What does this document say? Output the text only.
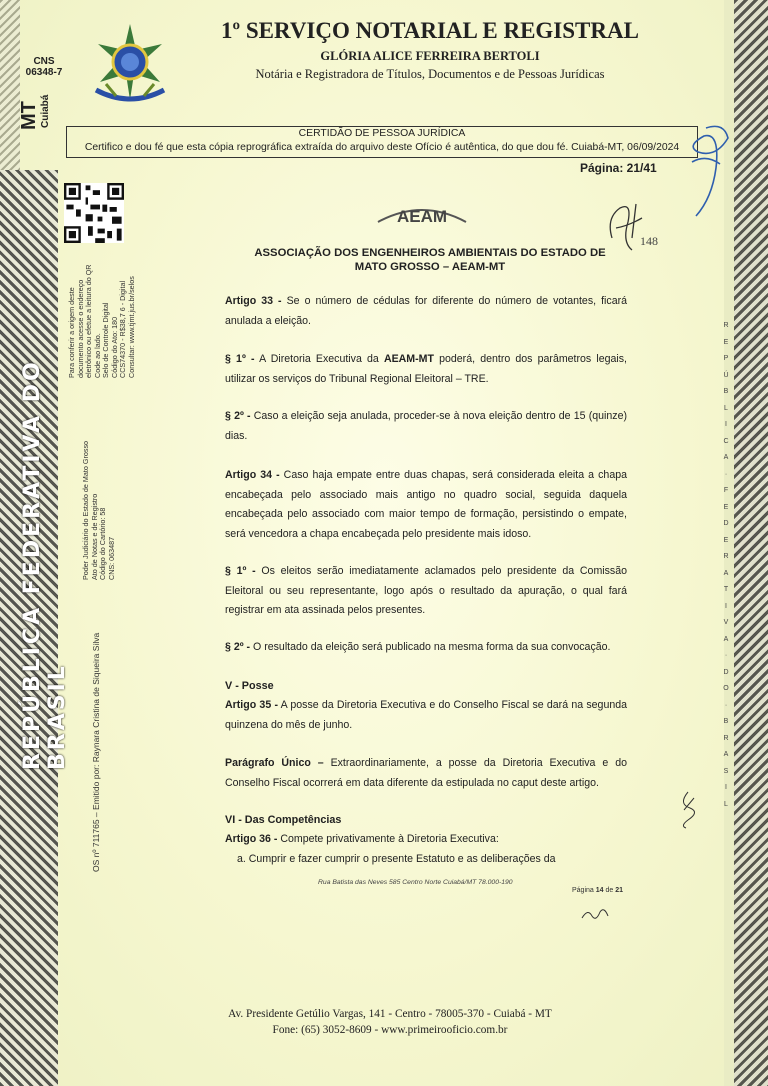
REPÚBLICA FEDERATIVA DO BRASIL
R
E
P
Ú
B
L
I
C
A
·
F
E
D
E
R
A
T
I
V
A
·
D
O
·
B
R
A
S
I
L
CNS
06348-7
MT Cuiabá
1º SERVIÇO NOTARIAL E REGISTRAL
GLÓRIA ALICE FERREIRA BERTOLI
Notária e Registradora de Títulos, Documentos e de Pessoas Jurídicas
CERTIDÃO DE PESSOA JURÍDICA
Certifico e dou fé que esta cópia reprográfica extraída do arquivo deste Ofício é autêntica, do que dou fé. Cuiabá-MT, 06/09/2024
Página: 21/41
Para conferir a origem deste documento acesse o endereço eletrônico ou efetue a leitura do QR Code ao lado. Selo de Controle Digital Código do Ato: 180 CCS74370 - R$38,7 6 - Digital Consultar: www.tjmt.jus.br/selos
Poder Judiciário do Estado de Mato Grosso Ato de Notas e de Registro Código do Cartório: 58 CNS: 063487
OS nº 711765 – Emitido por: Raynara Cristina de Siqueira Silva
AEAM
148
ASSOCIAÇÃO DOS ENGENHEIROS AMBIENTAIS DO ESTADO DE
MATO GROSSO – AEAM-MT
Artigo 33 - Se o número de cédulas for diferente do número de votantes, ficará anulada a eleição.
§ 1º - A Diretoria Executiva da AEAM-MT poderá, dentro dos parâmetros legais, utilizar os serviços do Tribunal Regional Eleitoral – TRE.
§ 2º - Caso a eleição seja anulada, proceder-se à nova eleição dentro de 15 (quinze) dias.
Artigo 34 - Caso haja empate entre duas chapas, será considerada eleita a chapa encabeçada pelo associado mais antigo no quadro social, seguida daquela encabeçada pelo associado com maior tempo de formação, persistindo o empate, será vencedora a chapa encabeçada pelo presidente mais idoso.
§ 1º - Os eleitos serão imediatamente aclamados pelo presidente da Comissão Eleitoral ou seu representante, logo após o resultado da apuração, o qual fará registrar em ata assinada pelos presentes.
§ 2º - O resultado da eleição será publicado na mesma forma da sua convocação.
V - Posse
Artigo 35 - A posse da Diretoria Executiva e do Conselho Fiscal se dará na segunda quinzena do mês de junho.
Parágrafo Único – Extraordinariamente, a posse da Diretoria Executiva e do Conselho Fiscal ocorrerá em data diferente da estipulada no caput deste artigo.
VI - Das Competências
Artigo 36 - Compete privativamente à Diretoria Executiva:
a. Cumprir e fazer cumprir o presente Estatuto e as deliberações da
Rua Batista das Neves 585 Centro Norte Cuiabá/MT 78.000-190
Página 14 de 21
Av. Presidente Getúlio Vargas, 141 - Centro - 78005-370 - Cuiabá - MT
Fone: (65) 3052-8609 - www.primeirooficio.com.br
